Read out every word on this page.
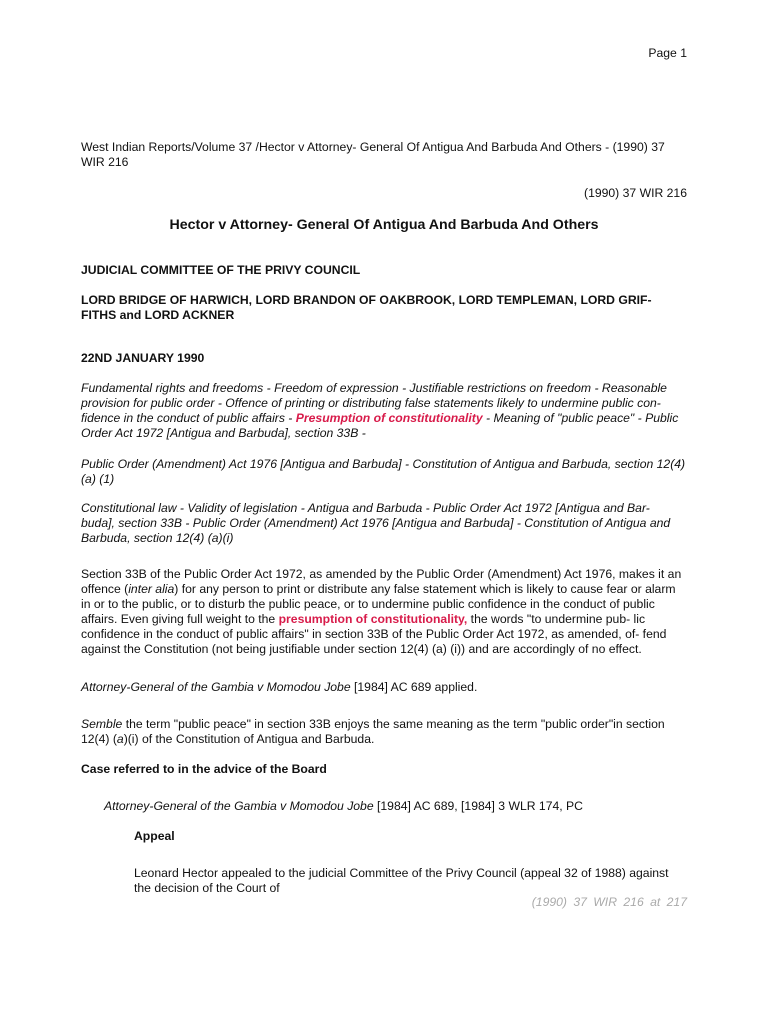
Page 1
West Indian Reports/Volume 37 /Hector v Attorney- General Of Antigua And Barbuda And Others - (1990) 37 WIR 216
(1990) 37 WIR 216
Hector v Attorney- General Of Antigua And Barbuda And Others
JUDICIAL COMMITTEE OF THE PRIVY COUNCIL
LORD BRIDGE OF HARWICH, LORD BRANDON OF OAKBROOK, LORD TEMPLEMAN, LORD GRIF- FITHS and LORD ACKNER
22ND JANUARY 1990
Fundamental rights and freedoms - Freedom of expression - Justifiable restrictions on freedom - Reasonable provision for public order - Offence of printing or distributing false statements likely to undermine public con- fidence in the conduct of public affairs - Presumption of constitutionality - Meaning of "public peace" - Public Order Act 1972 [Antigua and Barbuda], section 33B -
Public Order (Amendment) Act 1976 [Antigua and Barbuda] - Constitution of Antigua and Barbuda, section 12(4) (a) (1)
Constitutional law - Validity of legislation - Antigua and Barbuda - Public Order Act 1972 [Antigua and Bar- buda], section 33B - Public Order (Amendment) Act 1976 [Antigua and Barbuda] - Constitution of Antigua and Barbuda, section 12(4) (a)(i)
Section 33B of the Public Order Act 1972, as amended by the Public Order (Amendment) Act 1976, makes it an offence (inter alia) for any person to print or distribute any false statement which is likely to cause fear or alarm in or to the public, or to disturb the public peace, or to undermine public confidence in the conduct of public affairs. Even giving full weight to the presumption of constitutionality, the words "to undermine pub- lic confidence in the conduct of public affairs" in section 33B of the Public Order Act 1972, as amended, of- fend against the Constitution (not being justifiable under section 12(4) (a) (i)) and are accordingly of no effect.
Attorney-General of the Gambia v Momodou Jobe [1984] AC 689 applied.
Semble the term "public peace" in section 33B enjoys the same meaning as the term "public order"in section 12(4) (a)(i) of the Constitution of Antigua and Barbuda.
Case referred to in the advice of the Board
Attorney-General of the Gambia v Momodou Jobe [1984] AC 689, [1984] 3 WLR 174, PC
Appeal
Leonard Hector appealed to the judicial Committee of the Privy Council (appeal 32 of 1988) against the decision of the Court of
(1990) 37 WIR 216 at 217
